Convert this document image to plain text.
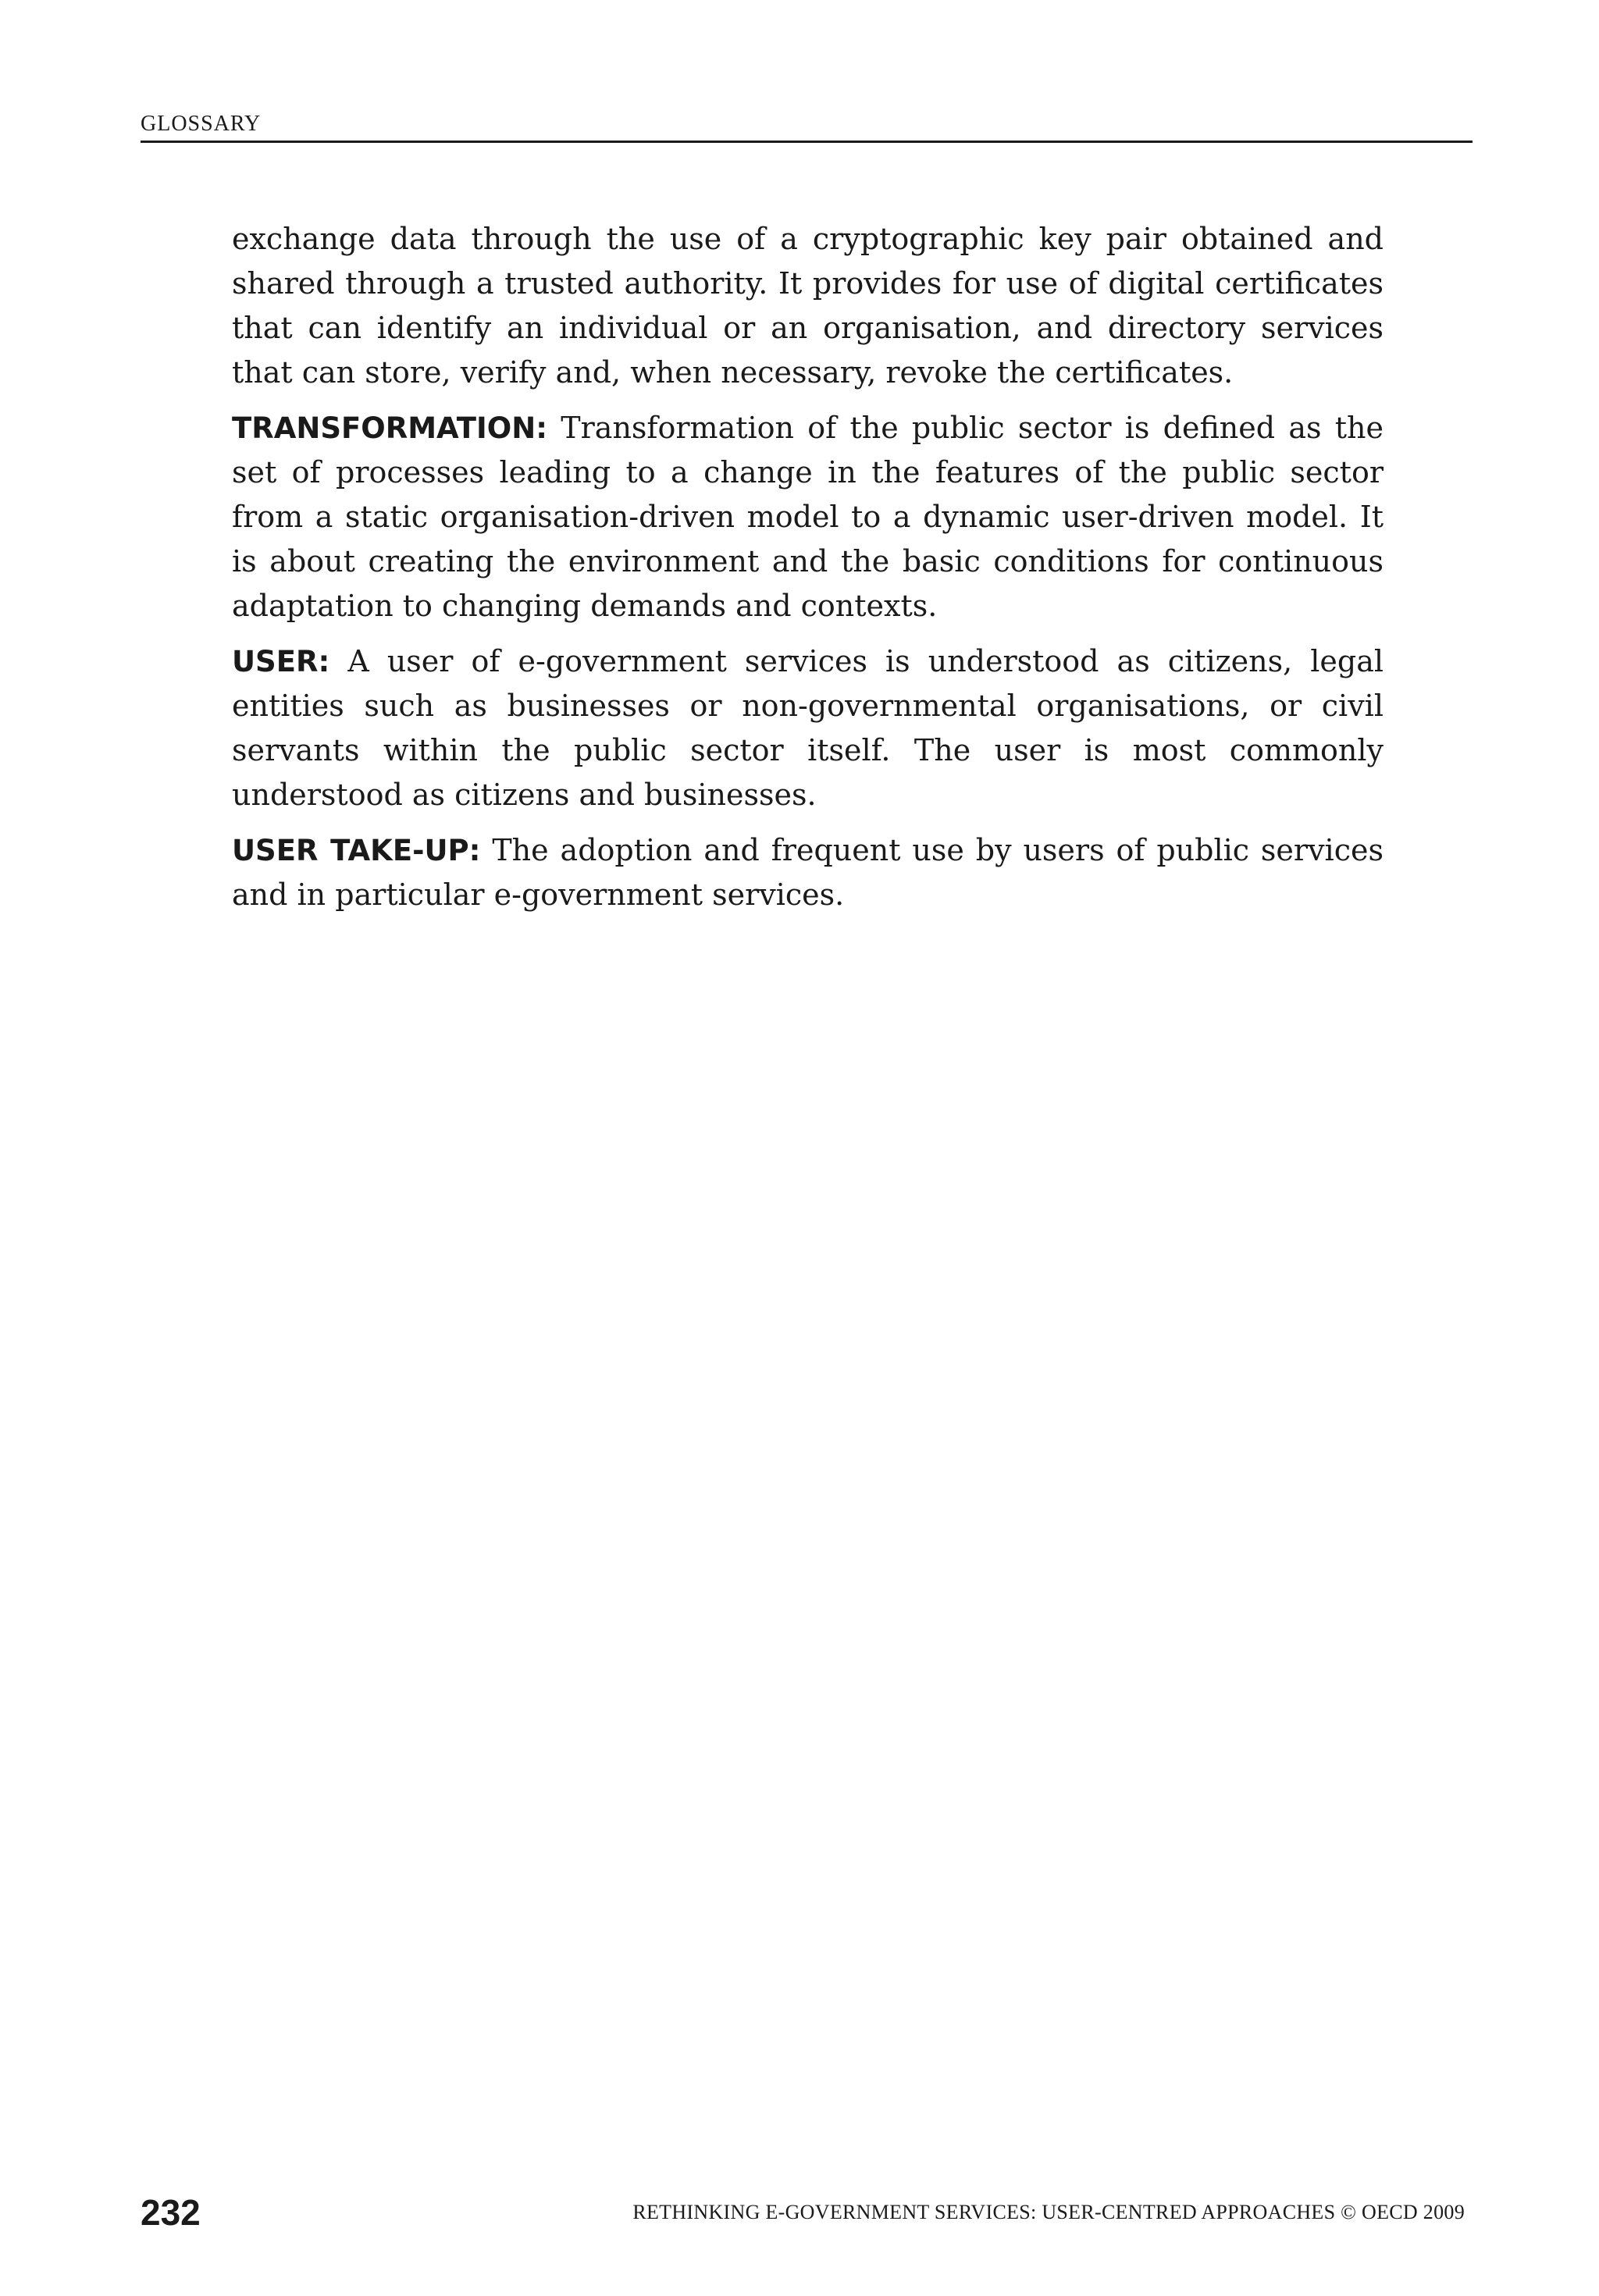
GLOSSARY

exchange data through the use of a cryptographic key pair obtained and shared through a trusted authority. It provides for use of digital certificates that can identify an individual or an organisation, and directory services that can store, verify and, when necessary, revoke the certificates.

TRANSFORMATION: Transformation of the public sector is defined as the set of processes leading to a change in the features of the public sector from a static organisation-driven model to a dynamic user-driven model. It is about creating the environment and the basic conditions for continuous adaptation to changing demands and contexts.

USER: A user of e-government services is understood as citizens, legal entities such as businesses or non-governmental organisations, or civil servants within the public sector itself. The user is most commonly understood as citizens and businesses.

USER TAKE-UP: The adoption and frequent use by users of public services and in particular e-government services.

232	RETHINKING E-GOVERNMENT SERVICES: USER-CENTRED APPROACHES © OECD 2009
